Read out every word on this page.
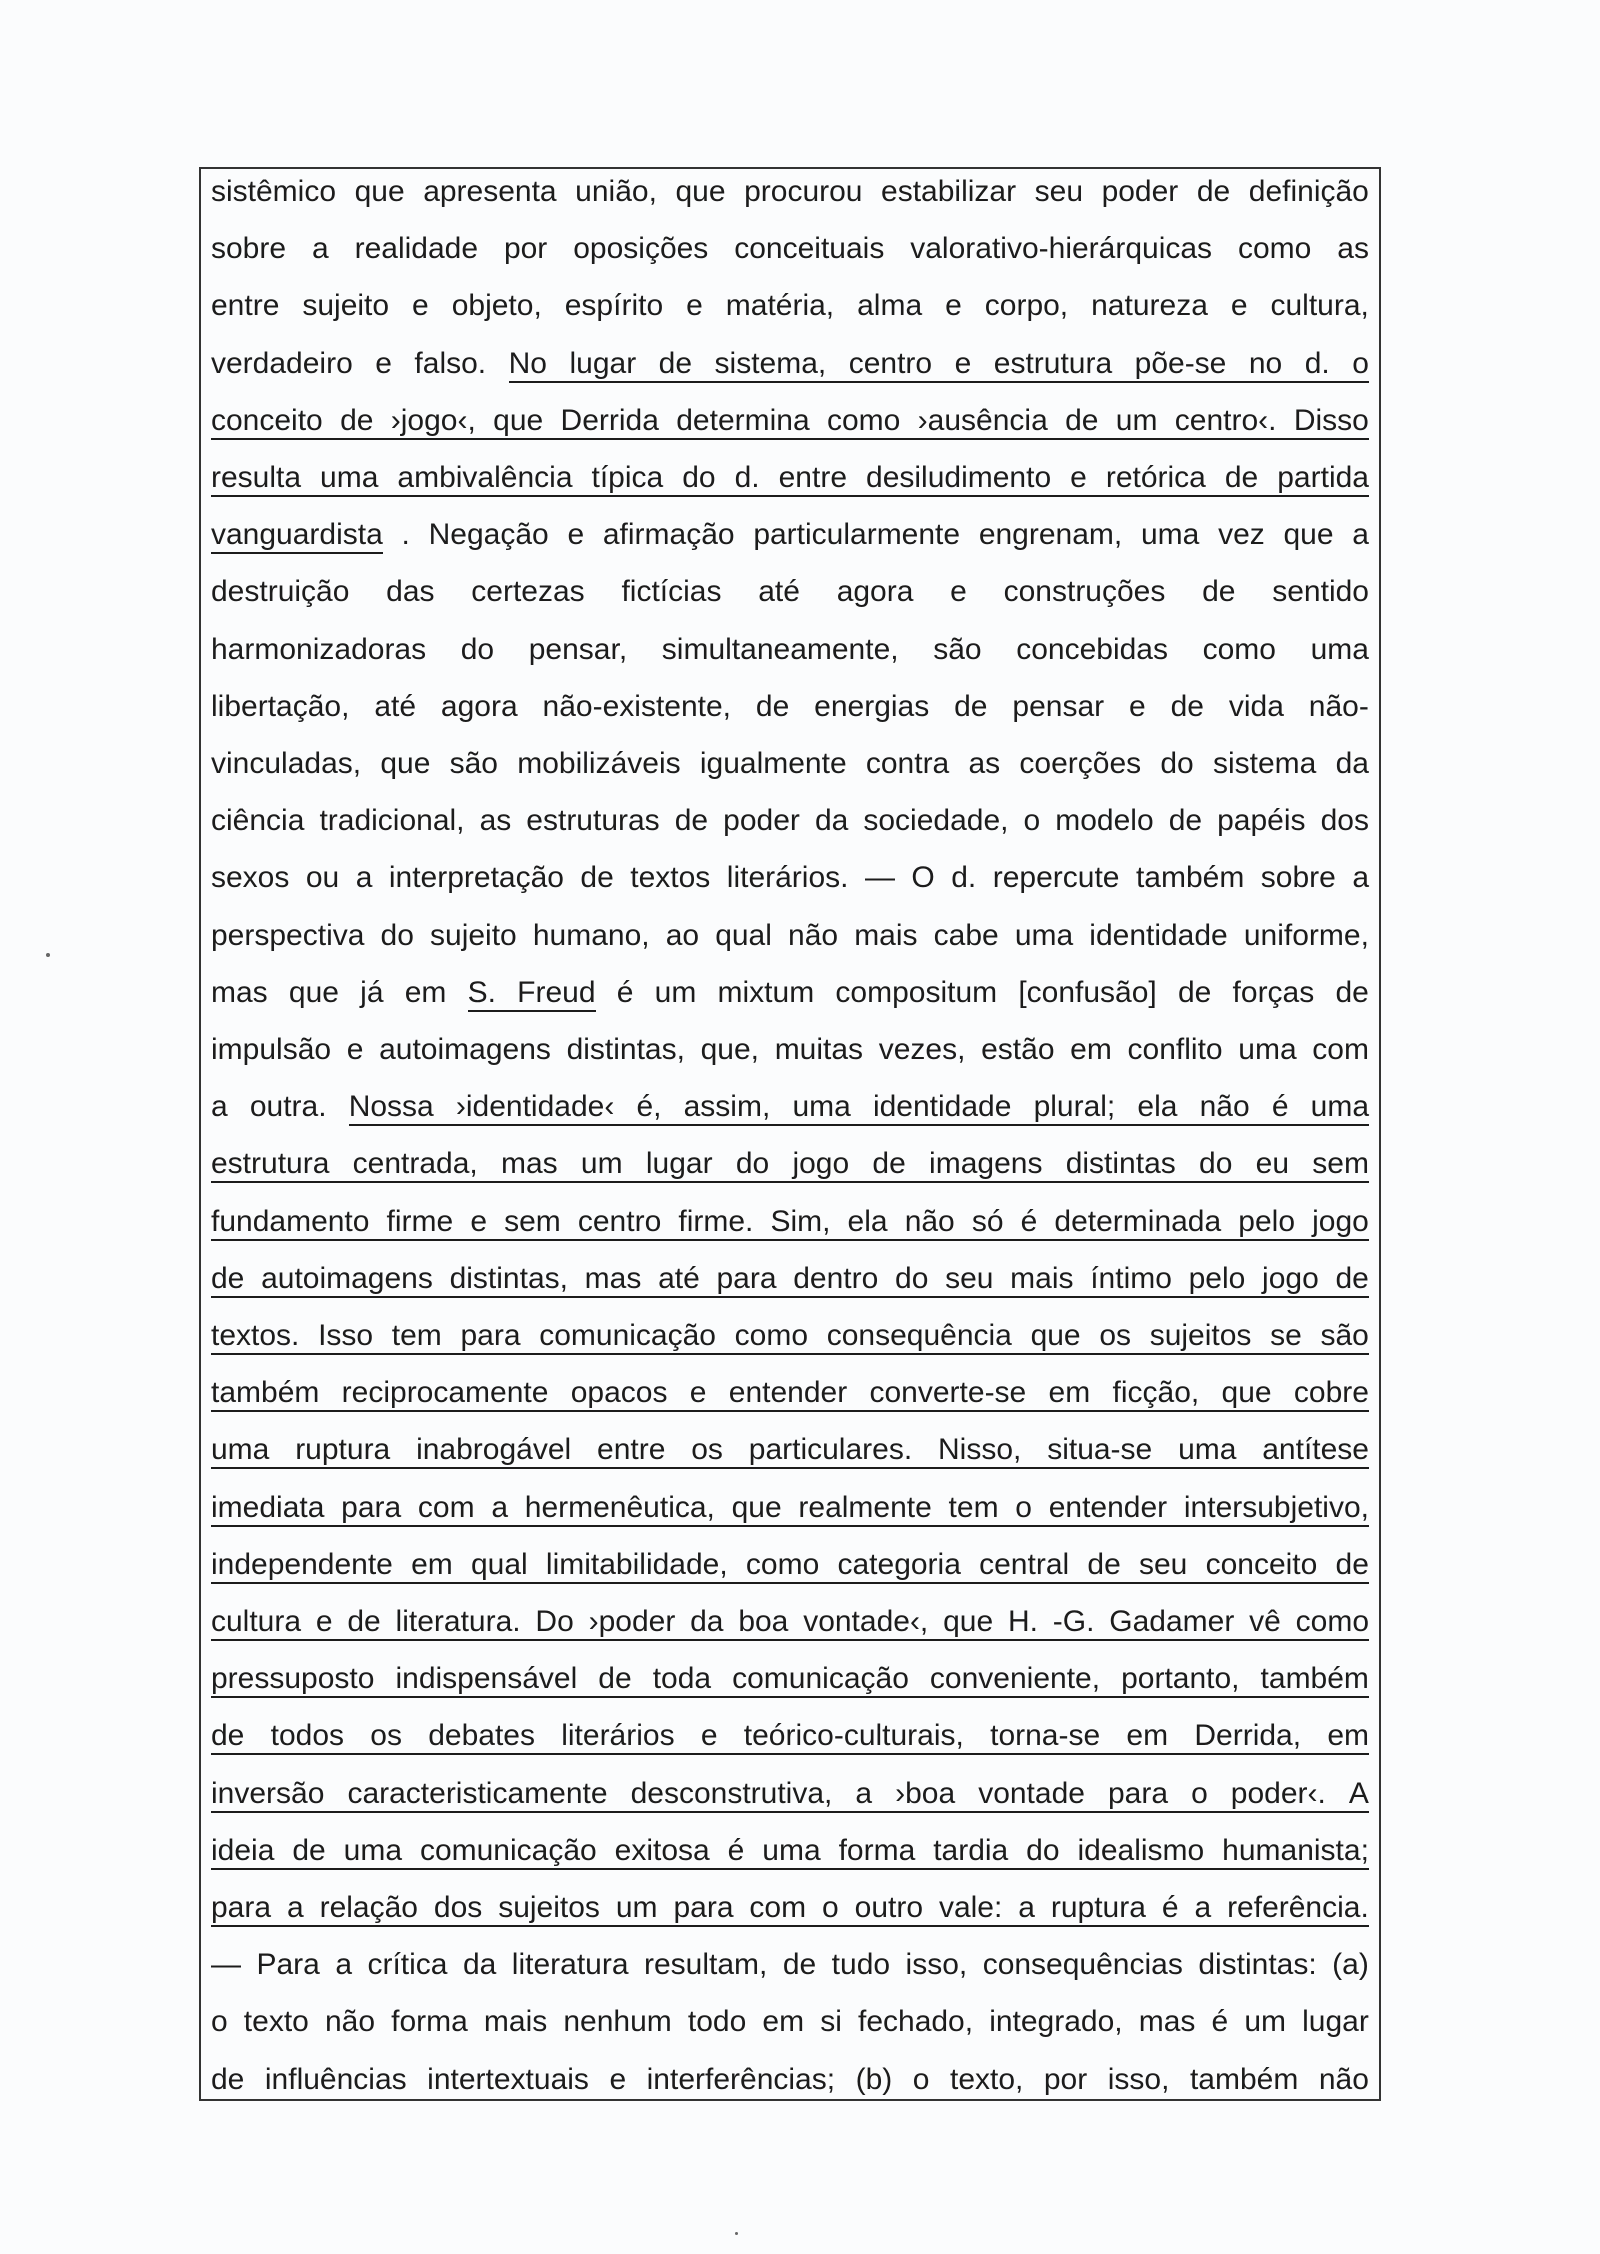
sistêmico que apresenta união, que procurou estabilizar seu poder de definição
sobre a realidade por oposições conceituais valorativo-hierárquicas como as
entre sujeito e objeto, espírito e matéria, alma e corpo, natureza e cultura,
verdadeiro e falso. No lugar de sistema, centro e estrutura põe-se no d. o
conceito de ›jogo‹, que Derrida determina como ›ausência de um centro‹. Disso
resulta uma ambivalência típica do d. entre desiludimento e retórica de partida
vanguardista . Negação e afirmação particularmente engrenam, uma vez que a
destruição das certezas fictícias até agora e construções de sentido
harmonizadoras do pensar, simultaneamente, são concebidas como uma
libertação, até agora não-existente, de energias de pensar e de vida não-
vinculadas, que são mobilizáveis igualmente contra as coerções do sistema da
ciência tradicional, as estruturas de poder da sociedade, o modelo de papéis dos
sexos ou a interpretação de textos literários. — O d. repercute também sobre a
perspectiva do sujeito humano, ao qual não mais cabe uma identidade uniforme,
mas que já em S. Freud é um mixtum compositum [confusão] de forças de
impulsão e autoimagens distintas, que, muitas vezes, estão em conflito uma com
a outra. Nossa ›identidade‹ é, assim, uma identidade plural; ela não é uma
estrutura centrada, mas um lugar do jogo de imagens distintas do eu sem
fundamento firme e sem centro firme. Sim, ela não só é determinada pelo jogo
de autoimagens distintas, mas até para dentro do seu mais íntimo pelo jogo de
textos. Isso tem para comunicação como consequência que os sujeitos se são
também reciprocamente opacos e entender converte-se em ficção, que cobre
uma ruptura inabrogável entre os particulares. Nisso, situa-se uma antítese
imediata para com a hermenêutica, que realmente tem o entender intersubjetivo,
independente em qual limitabilidade, como categoria central de seu conceito de
cultura e de literatura. Do ›poder da boa vontade‹, que H. -G. Gadamer vê como
pressuposto indispensável de toda comunicação conveniente, portanto, também
de todos os debates literários e teórico-culturais, torna-se em Derrida, em
inversão caracteristicamente desconstrutiva, a ›boa vontade para o poder‹. A
ideia de uma comunicação exitosa é uma forma tardia do idealismo humanista;
para a relação dos sujeitos um para com o outro vale: a ruptura é a referência.
— Para a crítica da literatura resultam, de tudo isso, consequências distintas: (a)
o texto não forma mais nenhum todo em si fechado, integrado, mas é um lugar
de influências intertextuais e interferências; (b) o texto, por isso, também não
